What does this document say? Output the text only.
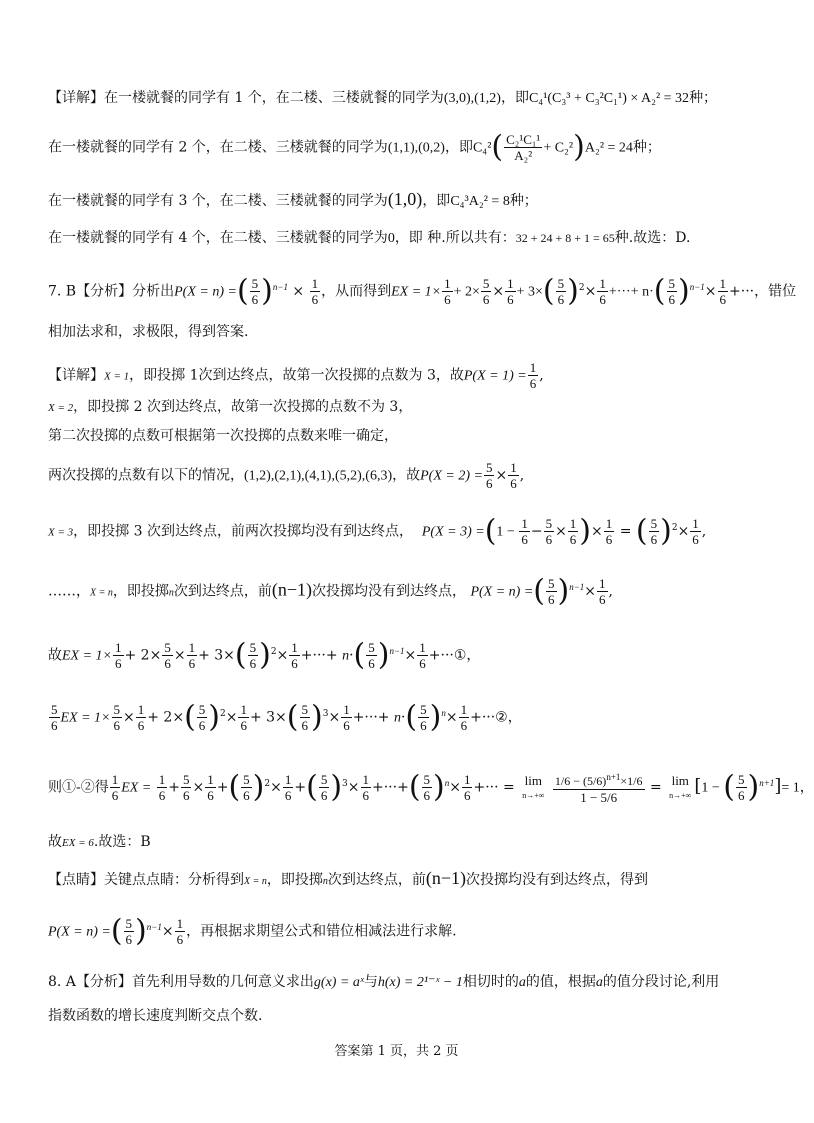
【详解】在一楼就餐的同学有 1 个，在二楼、三楼就餐的同学为(3,0),(1,2)，即C₄¹(C₃³ + C₃²C₁¹) × A₂² = 32种；
在一楼就餐的同学有 2 个，在二楼、三楼就餐的同学为(1,1),(0,2)，即$C_4^2( \frac{\text{C₂¹C₁¹}}{\text{A₂²}} + C_2^2)A_2^2 = 24$种；
在一楼就餐的同学有 3 个，在二楼、三楼就餐的同学为(1,0)，即C₄³A₂² = 8种；
在一楼就餐的同学有 4 个，在二楼、三楼就餐的同学为0，即 种.所以共有：32 + 24 + 8 + 1 = 65种.故选：D.
7. B【分析】分析出P(X = n) =( $\frac{5}{6} )^{n-1} \times \frac{1}{6}$ ，从而得到EX = $1\times \frac{1}{6} + 2\times \frac{5}{6} \times \frac{1}{6} + 3\times( \frac{5}{6} )^2\times \frac{1}{6}$ +···+ $n\cdot( \frac{5}{6} )^{n-1}\times \frac{1}{6}$ +···，错位
相加法求和，求极限，得到答案.
【详解】X = 1，即投掷 1次到达终点，故第一次投掷的点数为 3，故$P(X = 1) = \frac{1}{6}$ ,
X = 2，即投掷 2 次到达终点，故第一次投掷的点数不为 3，
第二次投掷的点数可根据第一次投掷的点数来唯一确定，
两次投掷的点数有以下的情况，(1,2),(2,1),(4,1),(5,2),(6,3)，故$P(X = 2) = \frac{5}{6} \times \frac{1}{6}$ ,
X = 3，即投掷 3 次到达终点，前两次投掷均没有到达终点， $P(X = 3) =(1 - \frac{1}{6} - \frac{5}{6} \times \frac{1}{6}$ )× $\frac{1}{6}$ = ( $\frac{5}{6} )^2\times \frac{1}{6}$ ,
……，X = n，即投掷n次到达终点，前(n−1)次投掷均没有到达终点， P(X = n) =( $\frac{5}{6} )^{n-1}\times \frac{1}{6}$ ,
故EX = $1\times \frac{1}{6} + 2\times \frac{5}{6} \times \frac{1}{6} + 3\times( \frac{5}{6} )^2\times \frac{1}{6}$ +···+ $n\cdot( \frac{5}{6} )^{n-1}\times \frac{1}{6}$ +···①，
$\frac{5}{6}$ EX = $1\times \frac{5}{6} \times \frac{1}{6} + 2\times( \frac{5}{6} )^2\times \frac{1}{6} + 3\times( \frac{5}{6} )^3\times \frac{1}{6}$ +···+ $n\cdot( \frac{5}{6} )^n\times \frac{1}{6}$ +···②，
则①-②得 $\frac{1}{6}$ EX = $\frac{1}{6} + \frac{5}{6} \times \frac{1}{6}$ +( $\frac{5}{6} )^2\times \frac{1}{6}$ +( $\frac{5}{6} )^3\times \frac{1}{6}$ +···+( $\frac{5}{6} )^n\times \frac{1}{6}$ +··· = lim
n→+∞
$\frac{1/6 - (5/6)^{n+1}\times 1/6}{1 - 5/6} = \lim$
n→+∞ [1 − ( $\frac{5}{6} )^{n+1}]= 1$，
故EX = 6.故选：B
【点睛】关键点点睛：分析得到X = n，即投掷n次到达终点，前(n−1)次投掷均没有到达终点，得到
P(X = n) =( $\frac{5}{6} )^{n-1}\times \frac{1}{6}$ ，再根据求期望公式和错位相减法进行求解.
8. A【分析】首先利用导数的几何意义求出g(x) = aˣ与h(x) = 2¹⁻ˣ − 1相切时的a的值，根据a的值分段讨论,利用
指数函数的增长速度判断交点个数.
答案第 1 页，共 2 页
